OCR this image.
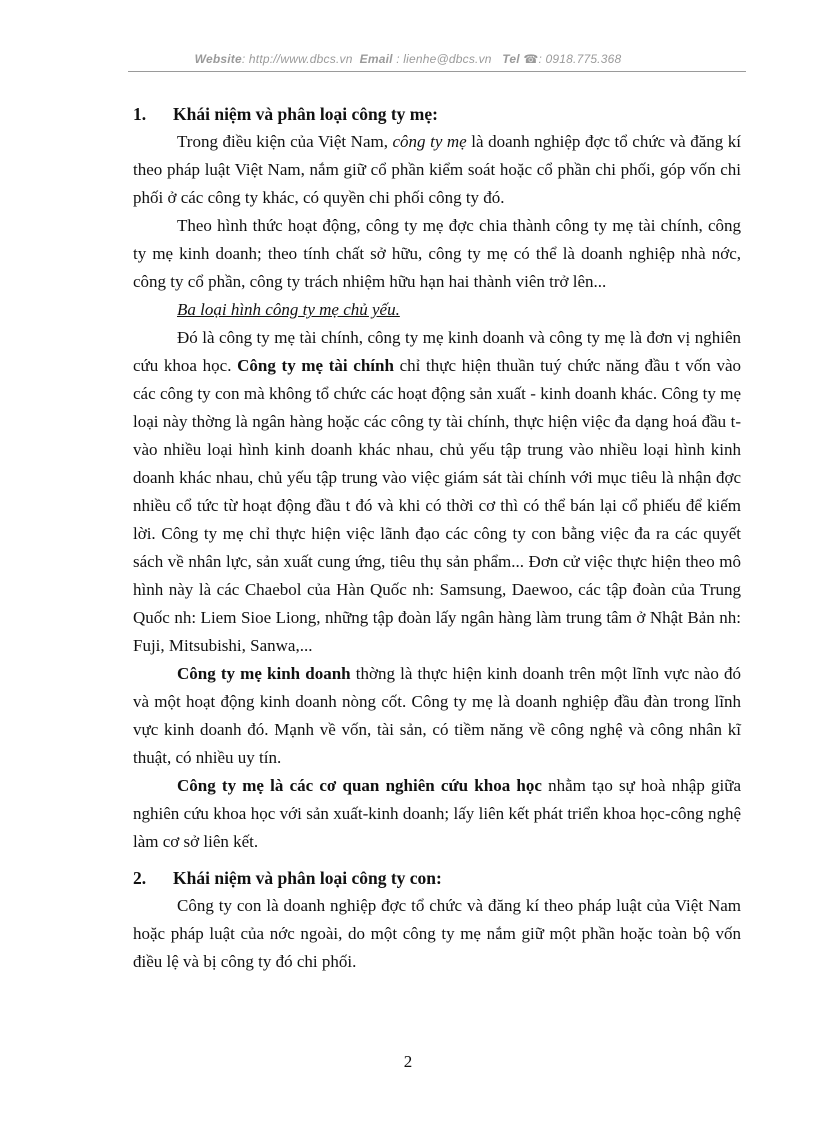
Website: http://www.dbcs.vn Email : lienhe@dbcs.vn Tel ☎: 0918.775.368
1. Khái niệm và phân loại công ty mẹ:

Trong điều kiện của Việt Nam, công ty mẹ là doanh nghiệp đợc tổ chức và đăng kí theo pháp luật Việt Nam, nắm giữ cổ phần kiểm soát hoặc cổ phần chi phối, góp vốn chi phối ở các công ty khác, có quyền chi phối công ty đó.

Theo hình thức hoạt động, công ty mẹ đợc chia thành công ty mẹ tài chính, công ty mẹ kinh doanh; theo tính chất sở hữu, công ty mẹ có thể là doanh nghiệp nhà nớc, công ty cổ phần, công ty trách nhiệm hữu hạn hai thành viên trở lên...

Ba loại hình công ty mẹ chủ yếu.

Đó là công ty mẹ tài chính, công ty mẹ kinh doanh và công ty mẹ là đơn vị nghiên cứu khoa học. Công ty mẹ tài chính chỉ thực hiện thuần tuý chức năng đầu t vốn vào các công ty con mà không tổ chức các hoạt động sản xuất - kinh doanh khác. Công ty mẹ loại này thờng là ngân hàng hoặc các công ty tài chính, thực hiện việc đa dạng hoá đầu t vào nhiều loại hình kinh doanh khác nhau, chủ yếu tập trung vào nhiều loại hình kinh doanh khác nhau, chủ yếu tập trung vào việc giám sát tài chính với mục tiêu là nhận đợc nhiều cổ tức từ hoạt động đầu t đó và khi có thời cơ thì có thể bán lại cổ phiếu để kiếm lời. Công ty mẹ chỉ thực hiện việc lãnh đạo các công ty con bằng việc đa ra các quyết sách về nhân lực, sản xuất cung ứng, tiêu thụ sản phẩm... Đơn cử việc thực hiện theo mô hình này là các Chaebol của Hàn Quốc nh: Samsung, Daewoo, các tập đoàn của Trung Quốc nh: Liem Sioe Liong, những tập đoàn lấy ngân hàng làm trung tâm ở Nhật Bản nh: Fuji, Mitsubishi, Sanwa,...

Công ty mẹ kinh doanh thờng là thực hiện kinh doanh trên một lĩnh vực nào đó và một hoạt động kinh doanh nòng cốt. Công ty mẹ là doanh nghiệp đầu đàn trong lĩnh vực kinh doanh đó. Mạnh về vốn, tài sản, có tiềm năng về công nghệ và công nhân kĩ thuật, có nhiều uy tín.

Công ty mẹ là các cơ quan nghiên cứu khoa học nhằm tạo sự hoà nhập giữa nghiên cứu khoa học với sản xuất-kinh doanh; lấy liên kết phát triển khoa học-công nghệ làm cơ sở liên kết.

2. Khái niệm và phân loại công ty con:

Công ty con là doanh nghiệp đợc tổ chức và đăng kí theo pháp luật của Việt Nam hoặc pháp luật của nớc ngoài, do một công ty mẹ nắm giữ một phần hoặc toàn bộ vốn điều lệ và bị công ty đó chi phối.

2
